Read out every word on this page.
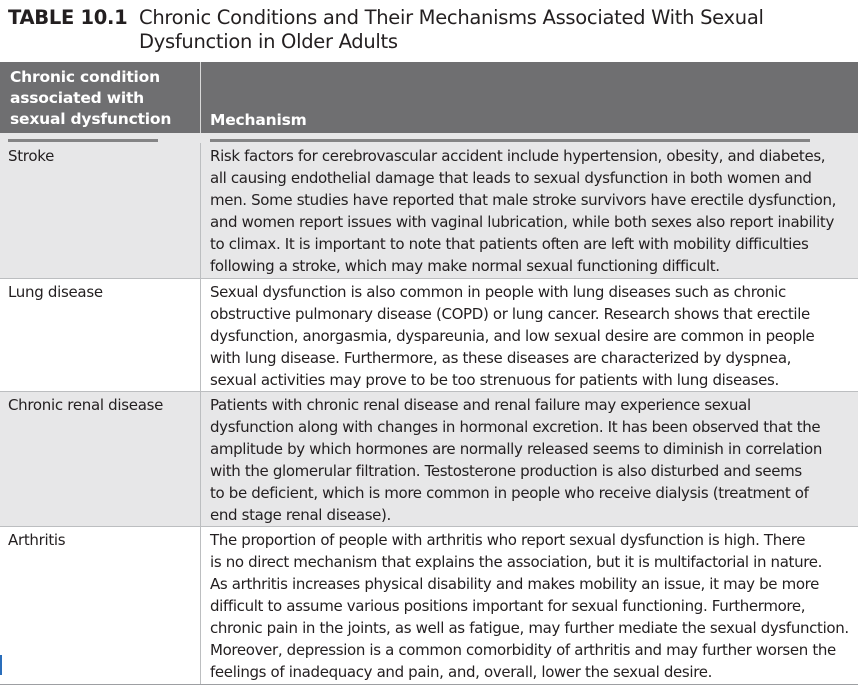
TABLE 10.1 Chronic Conditions and Their Mechanisms Associated With Sexual Dysfunction in Older Adults
Chronic condition associated with sexual dysfunction	Mechanism
Stroke	Risk factors for cerebrovascular accident include hypertension, obesity, and diabetes,
all causing endothelial damage that leads to sexual dysfunction in both women and
men. Some studies have reported that male stroke survivors have erectile dysfunction,
and women report issues with vaginal lubrication, while both sexes also report inability
to climax. It is important to note that patients often are left with mobility difficulties
following a stroke, which may make normal sexual functioning difficult.
Lung disease	Sexual dysfunction is also common in people with lung diseases such as chronic
obstructive pulmonary disease (COPD) or lung cancer. Research shows that erectile
dysfunction, anorgasmia, dyspareunia, and low sexual desire are common in people
with lung disease. Furthermore, as these diseases are characterized by dyspnea,
sexual activities may prove to be too strenuous for patients with lung diseases.
Chronic renal disease	Patients with chronic renal disease and renal failure may experience sexual
dysfunction along with changes in hormonal excretion. It has been observed that the
amplitude by which hormones are normally released seems to diminish in correlation
with the glomerular filtration. Testosterone production is also disturbed and seems
to be deficient, which is more common in people who receive dialysis (treatment of
end stage renal disease).
Arthritis	The proportion of people with arthritis who report sexual dysfunction is high. There
is no direct mechanism that explains the association, but it is multifactorial in nature.
As arthritis increases physical disability and makes mobility an issue, it may be more
difficult to assume various positions important for sexual functioning. Furthermore,
chronic pain in the joints, as well as fatigue, may further mediate the sexual dysfunction.
Moreover, depression is a common comorbidity of arthritis and may further worsen the
feelings of inadequacy and pain, and, overall, lower the sexual desire.
